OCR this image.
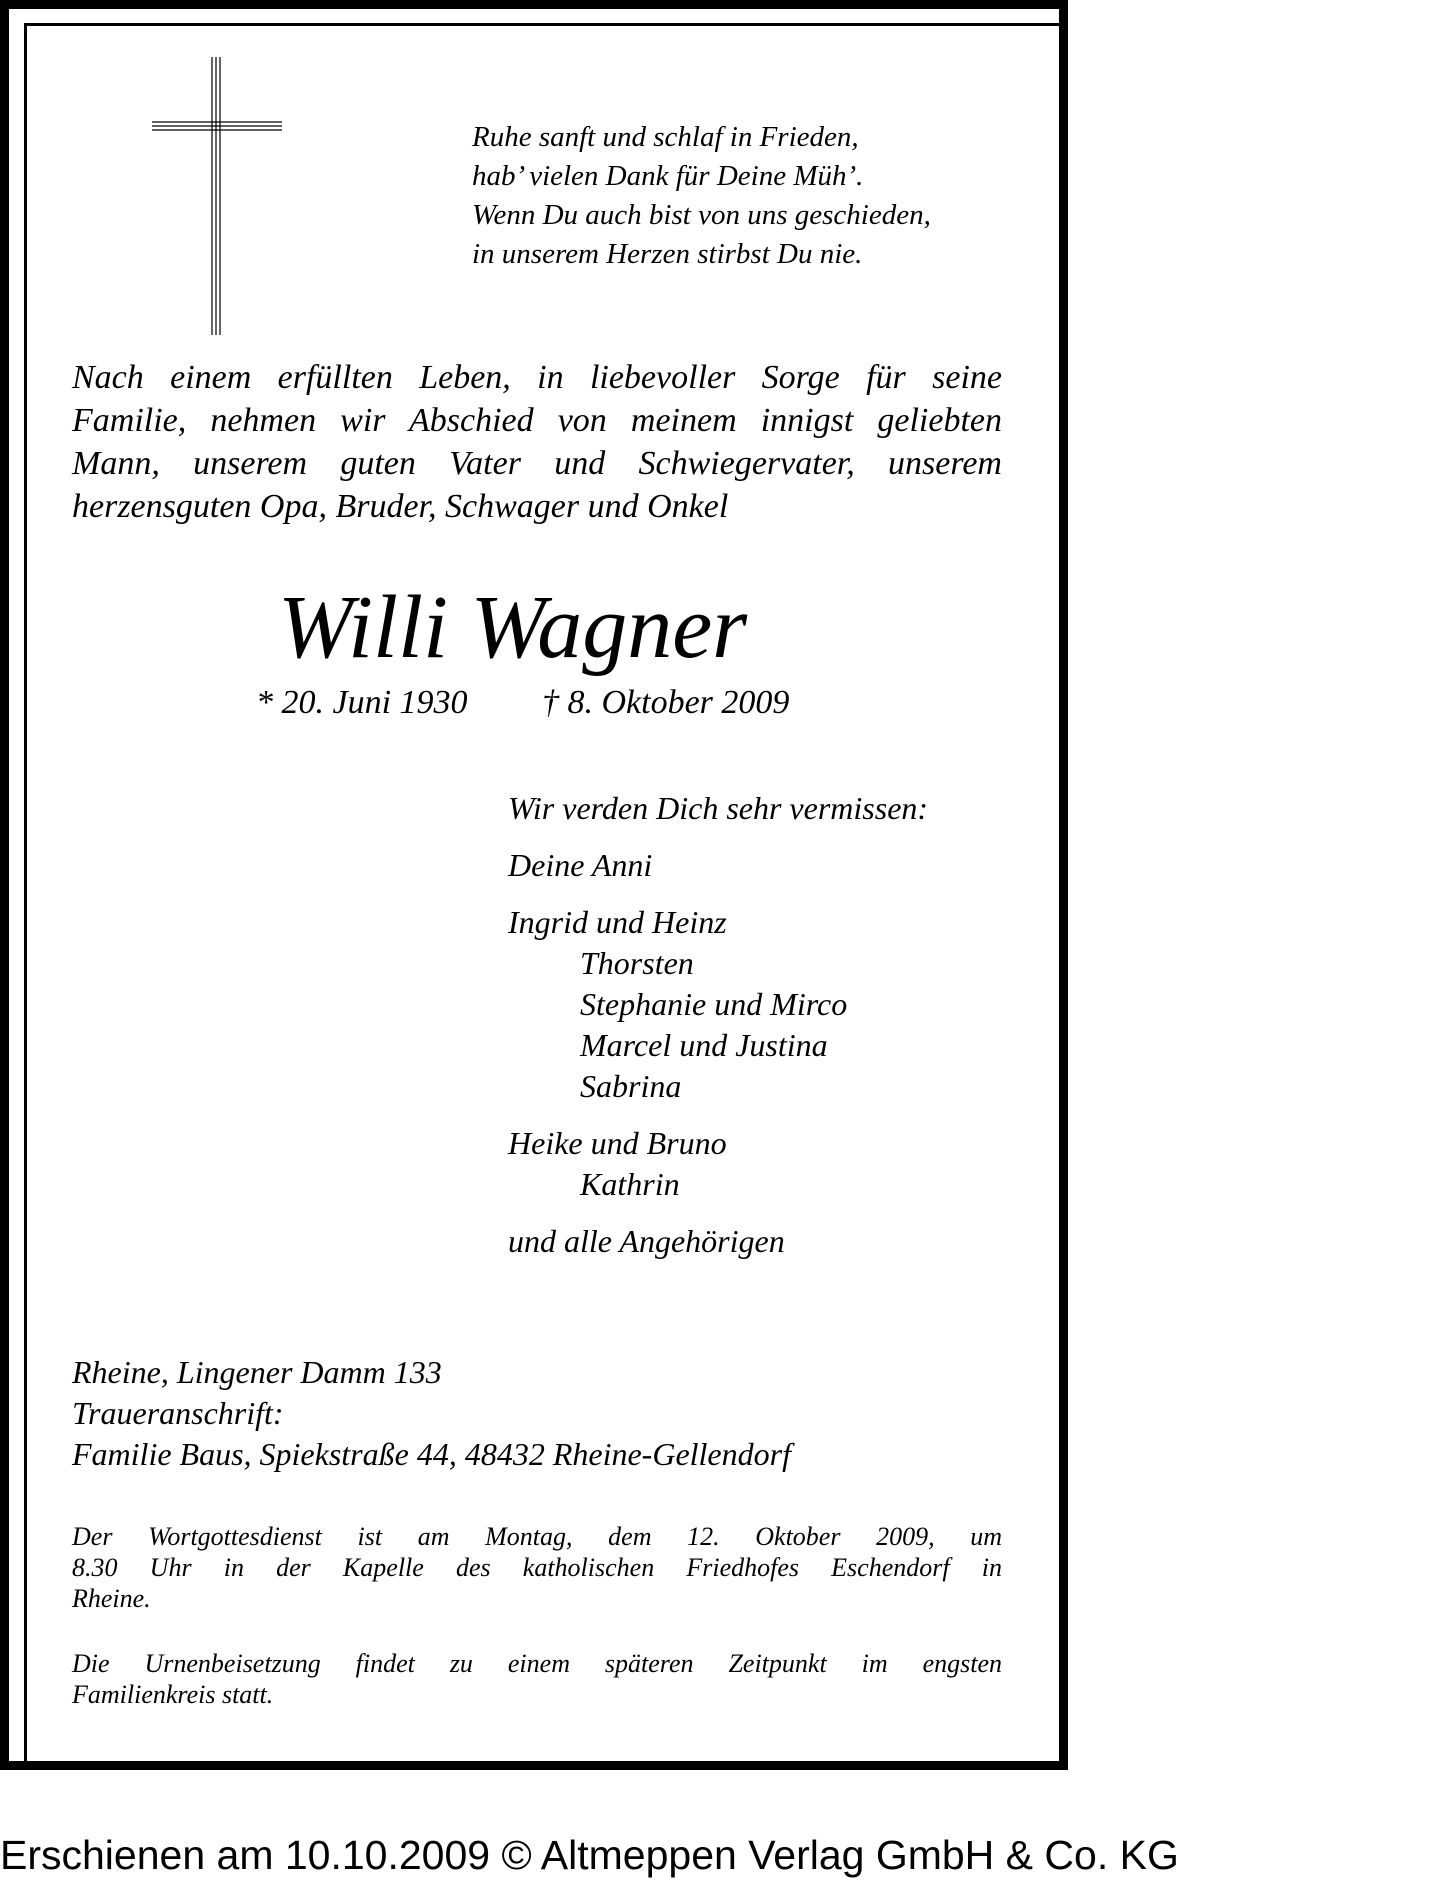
Ruhe sanft und schlaf in Frieden,
hab’ vielen Dank für Deine Müh’.
Wenn Du auch bist von uns geschieden,
in unserem Herzen stirbst Du nie.
Nach einem erfüllten Leben, in liebevoller Sorge für seine
Familie, nehmen wir Abschied von meinem innigst geliebten
Mann, unserem guten Vater und Schwiegervater, unserem
herzensguten Opa, Bruder, Schwager und Onkel
Willi Wagner
* 20. Juni 1930 † 8. Oktober 2009
Wir verden Dich sehr vermissen:
Deine Anni
Ingrid und Heinz
Thorsten
Stephanie und Mirco
Marcel und Justina
Sabrina
Heike und Bruno
Kathrin
und alle Angehörigen
Rheine, Lingener Damm 133
Traueranschrift:
Familie Baus, Spiekstraße 44, 48432 Rheine-Gellendorf
Der Wortgottesdienst ist am Montag, dem 12. Oktober 2009, um
8.30 Uhr in der Kapelle des katholischen Friedhofes Eschendorf in
Rheine.
Die Urnenbeisetzung findet zu einem späteren Zeitpunkt im engsten
Familienkreis statt.
Erschienen am 10.10.2009 © Altmeppen Verlag GmbH & Co. KG
